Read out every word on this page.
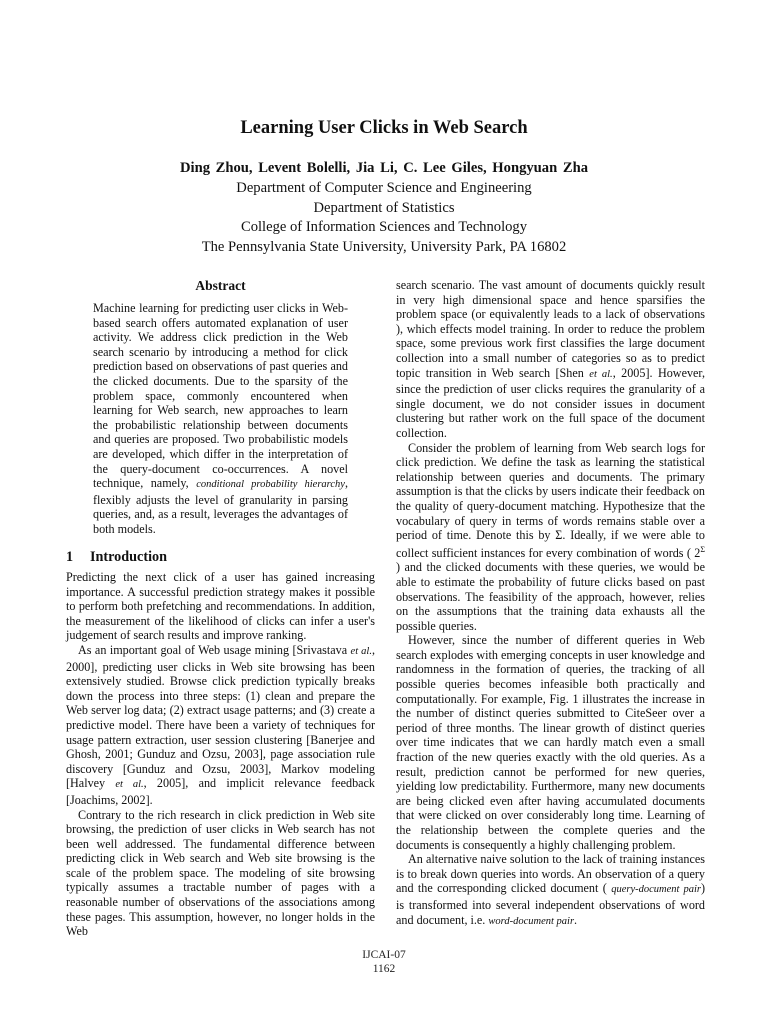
Learning User Clicks in Web Search
Ding Zhou, Levent Bolelli, Jia Li, C. Lee Giles, Hongyuan Zha
Department of Computer Science and Engineering
Department of Statistics
College of Information Sciences and Technology
The Pennsylvania State University, University Park, PA 16802
Abstract
Machine learning for predicting user clicks in Web-based search offers automated explanation of user activity. We address click prediction in the Web search scenario by introducing a method for click prediction based on observations of past queries and the clicked documents. Due to the sparsity of the problem space, commonly encountered when learning for Web search, new approaches to learn the probabilistic relationship between documents and queries are proposed. Two probabilistic models are developed, which differ in the interpretation of the query-document co-occurrences. A novel technique, namely, conditional probability hierarchy, flexibly adjusts the level of granularity in parsing queries, and, as a result, leverages the advantages of both models.
1 Introduction

Predicting the next click of a user has gained increasing importance. A successful prediction strategy makes it possible to perform both prefetching and recommendations. In addition, the measurement of the likelihood of clicks can infer a user's judgement of search results and improve ranking.

As an important goal of Web usage mining [Srivastava et al., 2000], predicting user clicks in Web site browsing has been extensively studied. Browse click prediction typically breaks down the process into three steps: (1) clean and prepare the Web server log data; (2) extract usage patterns; and (3) create a predictive model. There have been a variety of techniques for usage pattern extraction, user session clustering [Banerjee and Ghosh, 2001; Gunduz and Ozsu, 2003], page association rule discovery [Gunduz and Ozsu, 2003], Markov modeling [Halvey et al., 2005], and implicit relevance feedback [Joachims, 2002].

Contrary to the rich research in click prediction in Web site browsing, the prediction of user clicks in Web search has not been well addressed. The fundamental difference between predicting click in Web search and Web site browsing is the scale of the problem space. The modeling of site browsing typically assumes a tractable number of pages with a reasonable number of observations of the associations among these pages. This assumption, however, no longer holds in the Web

search scenario. The vast amount of documents quickly result in very high dimensional space and hence sparsifies the problem space (or equivalently leads to a lack of observations ), which effects model training. In order to reduce the problem space, some previous work first classifies the large document collection into a small number of categories so as to predict topic transition in Web search [Shen et al., 2005]. However, since the prediction of user clicks requires the granularity of a single document, we do not consider issues in document clustering but rather work on the full space of the document collection.

Consider the problem of learning from Web search logs for click prediction. We define the task as learning the statistical relationship between queries and documents. The primary assumption is that the clicks by users indicate their feedback on the quality of query-document matching. Hypothesize that the vocabulary of query in terms of words remains stable over a period of time. Denote this by Σ. Ideally, if we were able to collect sufficient instances for every combination of words ( $2^\Sigma$ ) and the clicked documents with these queries, we would be able to estimate the probability of future clicks based on past observations. The feasibility of the approach, however, relies on the assumptions that the training data exhausts all the possible queries.

However, since the number of different queries in Web search explodes with emerging concepts in user knowledge and randomness in the formation of queries, the tracking of all possible queries becomes infeasible both practically and computationally. For example, Fig. 1 illustrates the increase in the number of distinct queries submitted to CiteSeer over a period of three months. The linear growth of distinct queries over time indicates that we can hardly match even a small fraction of the new queries exactly with the old queries. As a result, prediction cannot be performed for new queries, yielding low predictability. Furthermore, many new documents are being clicked even after having accumulated documents that were clicked on over considerably long time. Learning of the relationship between the complete queries and the documents is consequently a highly challenging problem.

An alternative naive solution to the lack of training instances is to break down queries into words. An observation of a query and the corresponding clicked document ( query-document pair) is transformed into several independent observations of word and document, i.e. word-document pair.

IJCAI-07
1162
